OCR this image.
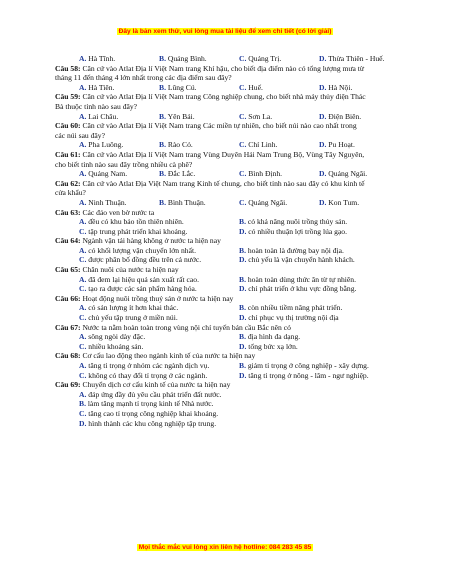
Đây là bản xem thử, vui lòng mua tài liệu để xem chi tiết (có lời giải)
A. Hà Tĩnh.	B. Quảng Bình.	C. Quảng Trị.	D. Thừa Thiên - Huế.
Câu 58: Căn cứ vào Atlat Địa lí Việt Nam trang Khí hậu, cho biết địa điểm nào có tổng lượng mưa từ
tháng 11 đến tháng 4 lớn nhất trong các địa điểm sau đây?
A. Hà Tiên.	B. Lũng Cú.	C. Huế.	D. Hà Nội.
Câu 59: Căn cứ vào Atlat Địa lí Việt Nam trang Công nghiệp chung, cho biết nhà máy thủy điện Thác
Bà thuộc tỉnh nào sau đây?
A. Lai Châu.	B. Yên Bái.	C. Sơn La.	D. Điện Biên.
Câu 60: Căn cứ vào Atlat Địa lí Việt Nam trang Các miền tự nhiên, cho biết núi nào cao nhất trong
các núi sau đây?
A. Pha Luông.	B. Rào Cỏ.	C. Chí Linh.	D. Pu Hoạt.
Câu 61: Căn cứ vào Atlat Địa lí Việt Nam trang Vùng Duyên Hải Nam Trung Bộ, Vùng Tây Nguyên,
cho biết tỉnh nào sau đây trồng nhiều cà phê?
A. Quảng Nam.	B. Đắc Lắc.	C. Bình Định.	D. Quảng Ngãi.
Câu 62: Căn cứ vào Atlat Địa Việt Nam trang Kinh tế chung, cho biết tỉnh nào sau đây có khu kinh tế
cửa khẩu?
A. Ninh Thuận.	B. Bình Thuận.	C. Quảng Ngãi.	D. Kon Tum.
Câu 63: Các đảo ven bờ nước ta
A. đều có khu bảo tồn thiên nhiên.	B. có khả năng nuôi trồng thủy sản.
C. tập trung phát triển khai khoáng.	D. có nhiều thuận lợi trồng lúa gạo.
Câu 64: Ngành vận tải hàng không ở nước ta hiện nay
A. có khối lượng vận chuyển lớn nhất.	B. hoàn toàn là đường bay nội địa.
C. được phân bố đồng đều trên cả nước.	D. chủ yếu là vận chuyển hành khách.
Câu 65: Chăn nuôi của nước ta hiện nay
A. đã đem lại hiệu quả sản xuất rất cao.	B. hoàn toàn dùng thức ăn từ tự nhiên.
C. tạo ra được các sản phẩm hàng hóa.	D. chỉ phát triển ở khu vực đồng bằng.
Câu 66: Hoạt động nuôi trồng thuỷ sản ở nước ta hiện nay
A. có sản lượng ít hơn khai thác.	B. còn nhiều tiềm năng phát triển.
C. chủ yếu tập trung ở miền núi.	D. chỉ phục vụ thị trường nội địa
Câu 67: Nước ta nằm hoàn toàn trong vùng nội chí tuyến bán cầu Bắc nên có
A. sông ngòi dày đặc.	B. địa hình đa dạng.
C. nhiều khoáng sản.	D. tổng bức xạ lớn.
Câu 68: Cơ cấu lao động theo ngành kinh tế của nước ta hiện nay
A. tăng tỉ trọng ở nhóm các ngành dịch vụ.	B. giảm tỉ trọng ở công nghiệp - xây dựng.
C. không có thay đổi tỉ trọng ở các ngành.	D. tăng tỉ trọng ở nông - lâm - ngư nghiệp.
Câu 69: Chuyển dịch cơ cấu kinh tế của nước ta hiện nay
A. đáp ứng đầy đủ yêu cầu phát triển đất nước.
B. làm tăng mạnh tỉ trọng kinh tế Nhà nước.
C. tăng cao tỉ trọng công nghiệp khai khoáng.
D. hình thành các khu công nghiệp tập trung.
Mọi thắc mắc vui lòng xin liên hệ hotline: 084 283 45 85
